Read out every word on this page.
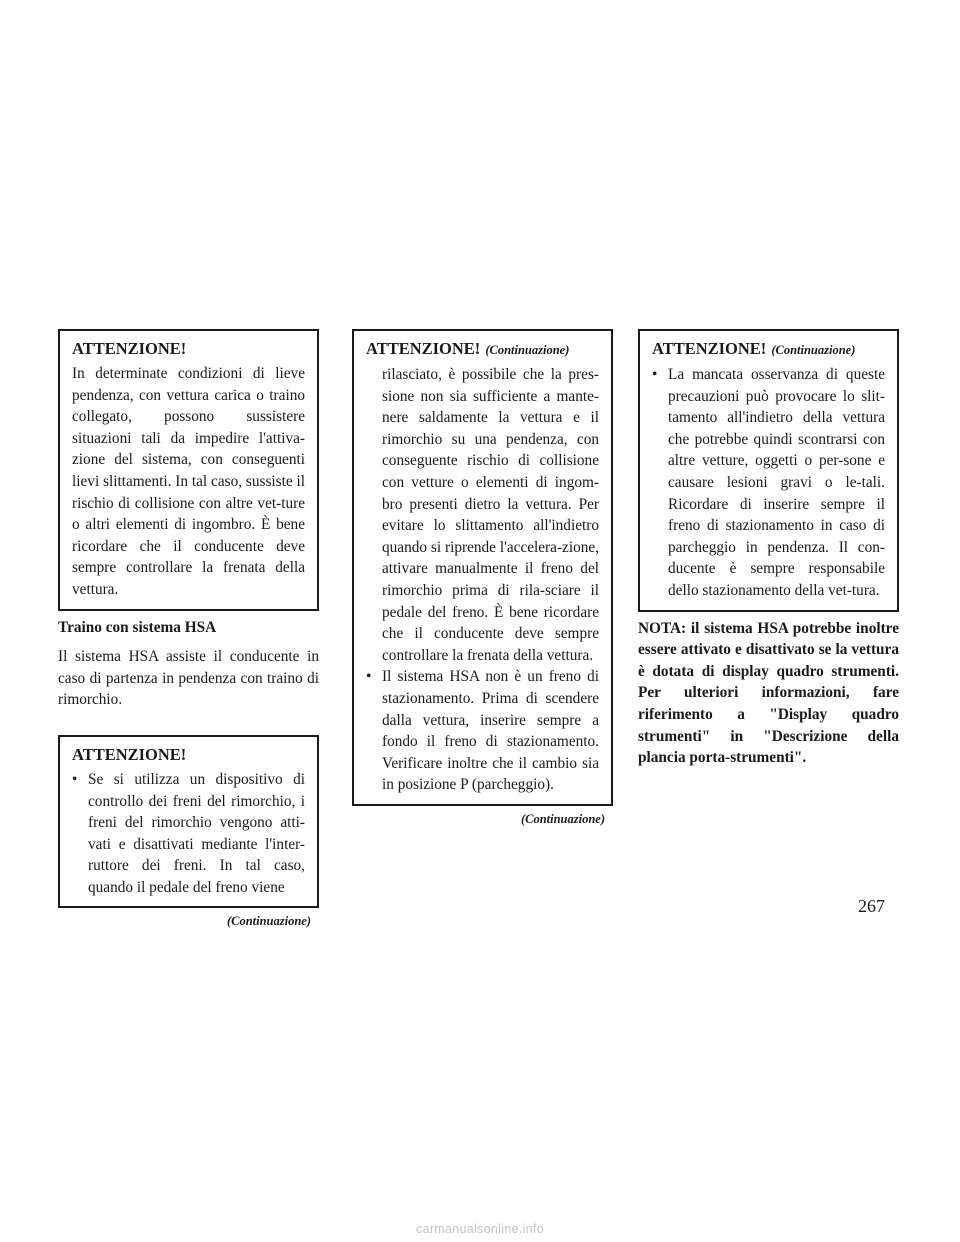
ATTENZIONE!
In determinate condizioni di lieve pendenza, con vettura carica o traino collegato, possono sussistere situazioni tali da impedire l'attiva-zione del sistema, con conseguenti lievi slittamenti. In tal caso, sussiste il rischio di collisione con altre vet-ture o altri elementi di ingombro. È bene ricordare che il conducente deve sempre controllare la frenata della vettura.
Traino con sistema HSA
Il sistema HSA assiste il conducente in caso di partenza in pendenza con traino di rimorchio.
ATTENZIONE!
• Se si utilizza un dispositivo di controllo dei freni del rimorchio, i freni del rimorchio vengono atti-vati e disattivati mediante l'inter-ruttore dei freni. In tal caso, quando il pedale del freno viene
(Continuazione)
ATTENZIONE! (Continuazione)
rilasciato, è possibile che la pres-sione non sia sufficiente a mante-nere saldamente la vettura e il rimorchio su una pendenza, con conseguente rischio di collisione con vetture o elementi di ingom-bro presenti dietro la vettura. Per evitare lo slittamento all'indietro quando si riprende l'accelera-zione, attivare manualmente il freno del rimorchio prima di rila-sciare il pedale del freno. È bene ricordare che il conducente deve sempre controllare la frenata della vettura.
• Il sistema HSA non è un freno di stazionamento. Prima di scendere dalla vettura, inserire sempre a fondo il freno di stazionamento. Verificare inoltre che il cambio sia in posizione P (parcheggio).
(Continuazione)
ATTENZIONE! (Continuazione)
• La mancata osservanza di queste precauzioni può provocare lo slit-tamento all'indietro della vettura che potrebbe quindi scontrarsi con altre vetture, oggetti o per-sone e causare lesioni gravi o le-tali. Ricordare di inserire sempre il freno di stazionamento in caso di parcheggio in pendenza. Il con-ducente è sempre responsabile dello stazionamento della vet-tura.
NOTA: il sistema HSA potrebbe inoltre essere attivato e disattivato se la vettura è dotata di display quadro strumenti. Per ulteriori informazioni, fare riferimento a "Display quadro strumenti" in "Descrizione della plancia porta-strumenti".
267
carmanualsonline.info
